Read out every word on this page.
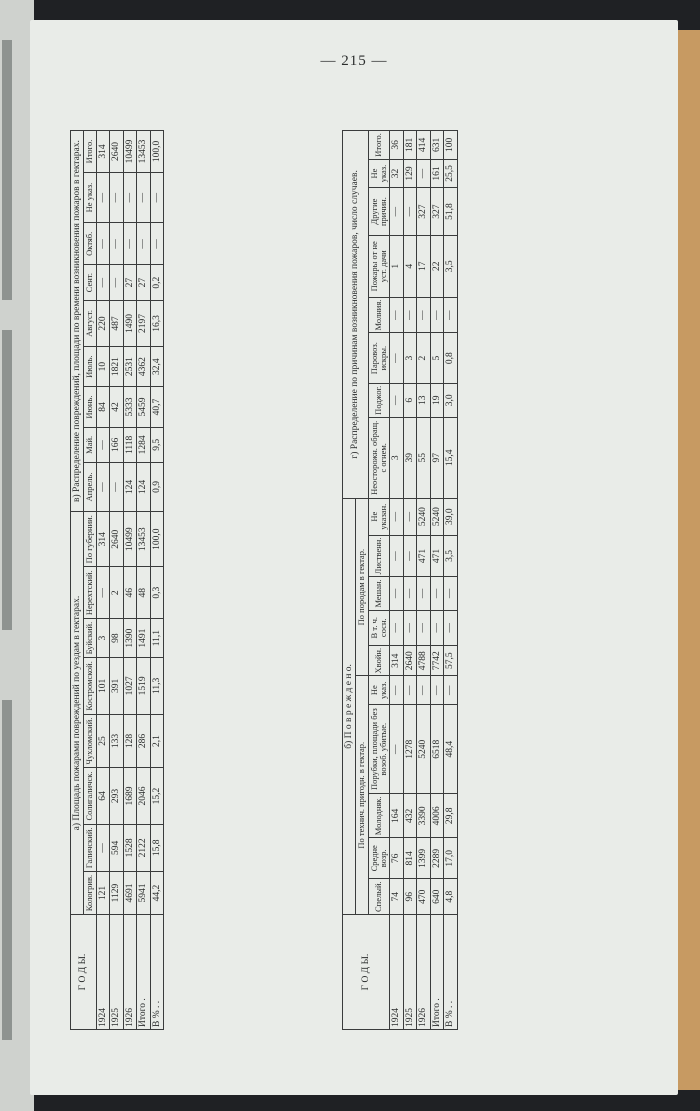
— 215 —
Г О Д Ы.	а) Площадь пожарами повреждений по уездам в гектарах.								в) Распределение повреждений, площади по времени возникновения пожаров в гектарах.								
	Кологрив.	Галичский.	Солигаличск.	Чухломский.	Костромской.	Буйский.	Нерехтский.	По губернии.	Апрель.	Май.	Июнь.	Июль.	Август.	Сент.	Октяб.	Не указ.	Итого.
1924	121	—	64	25	101	3	—	314	—	—	84	10	220	—	—	—	314
1925	1129	594	293	133	391	98	2	2640	—	166	42	1821	487	—	—	—	2640
1926	4691	1528	1689	128	1027	1390	46	10499	124	1118	5333	2531	1490	27	—	—	10499
Итого .	5941	2122	2046	286	1519	1491	48	13453	124	1284	5459	4362	2197	27	—	—	13453
В % . .	44,2	15,8	15,2	2,1	11,3	11,1	0,3	100,0	0,9	9,5	40,7	32,4	16,3	0,2	—	—	100,0
Г О Д Ы.	б) П о в р е ж д е н о.										г) Распределение по причинам возникновения пожаров, число случаев.							
	По технич. пригодн. в гектар.					По породам в гектар.												
	Спелый.	Средне возр.	Молодняк.	Порубки, площади без возоб. убитые.	Не указ.	Хвойн.	В т. ч. сосн.	Мешан.	Лиственн.	Не указан.	Неосторожн. обращ. с огнем.	Поджог.	Паровоз. искры.	Молния.	Пожары от не уст. дачи	Другие причин.	Не указ.	Итого.
1924	74	76	164	—	—	314	—	—	—	—	3	—	—	—	1	—	32	36
1925	96	814	432	1278	—	2640	—	—	—	—	39	6	3	—	4	—	129	181
1926	470	1399	3390	5240	—	4788	—	—	471	5240	55	13	2	—	17	327	—	414
Итого .	640	2289	4006	6518	—	7742	—	—	471	5240	97	19	5	—	22	327	161	631
В % . .	4,8	17,0	29,8	48,4	—	57,5	—	—	3,5	39,0	15,4	3,0	0,8	—	3,5	51,8	25,5	100
